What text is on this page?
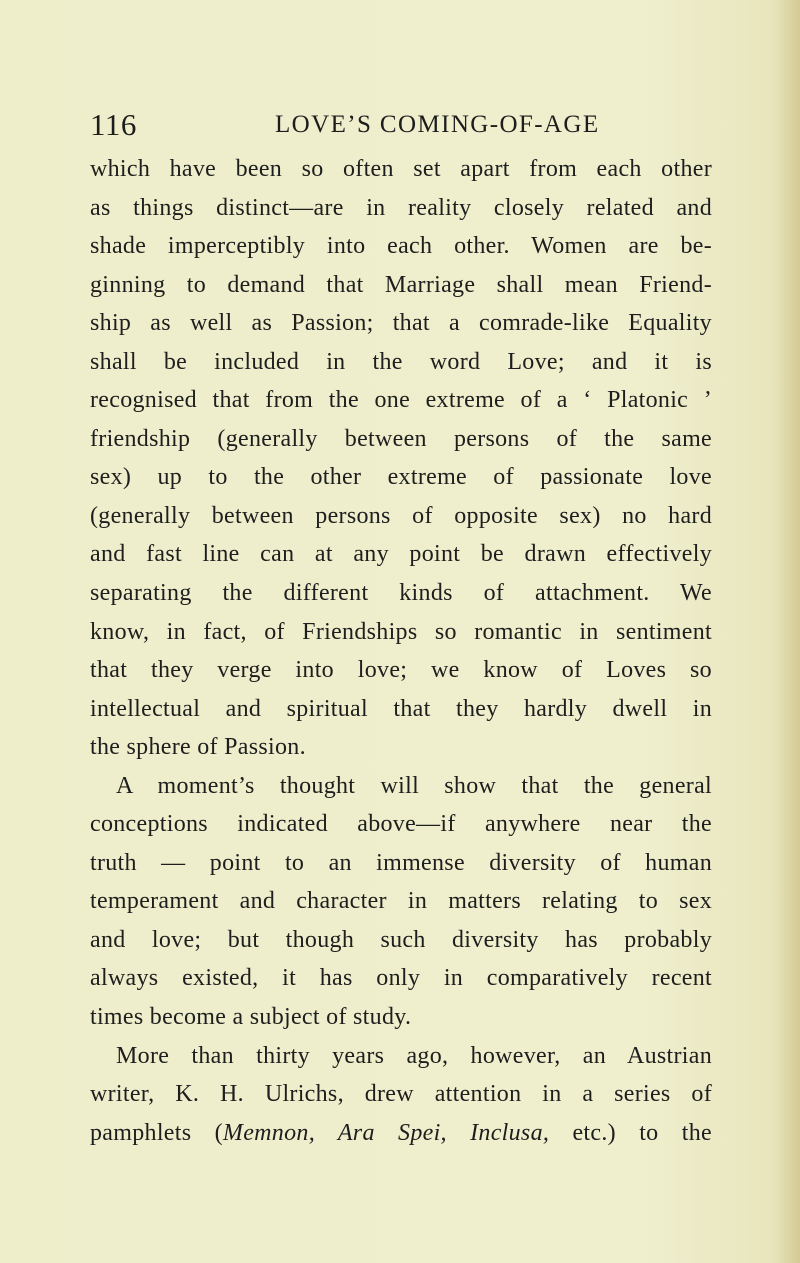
116	LOVE’S COMING-OF-AGE
which have been so often set apart from each other
as things distinct—are in reality closely related and
shade imperceptibly into each other. Women are be-
ginning to demand that Marriage shall mean Friend-
ship as well as Passion; that a comrade-like Equality
shall be included in the word Love; and it is
recognised that from the one extreme of a ‘ Platonic ’
friendship (generally between persons of the same
sex) up to the other extreme of passionate love
(generally between persons of opposite sex) no hard
and fast line can at any point be drawn effectively
separating the different kinds of attachment. We
know, in fact, of Friendships so romantic in sentiment
that they verge into love; we know of Loves so
intellectual and spiritual that they hardly dwell in
the sphere of Passion.
A moment’s thought will show that the general
conceptions indicated above—if anywhere near the
truth — point to an immense diversity of human
temperament and character in matters relating to sex
and love; but though such diversity has probably
always existed, it has only in comparatively recent
times become a subject of study.
More than thirty years ago, however, an Austrian
writer, K. H. Ulrichs, drew attention in a series of
pamphlets (Memnon, Ara Spei, Inclusa, etc.) to the
